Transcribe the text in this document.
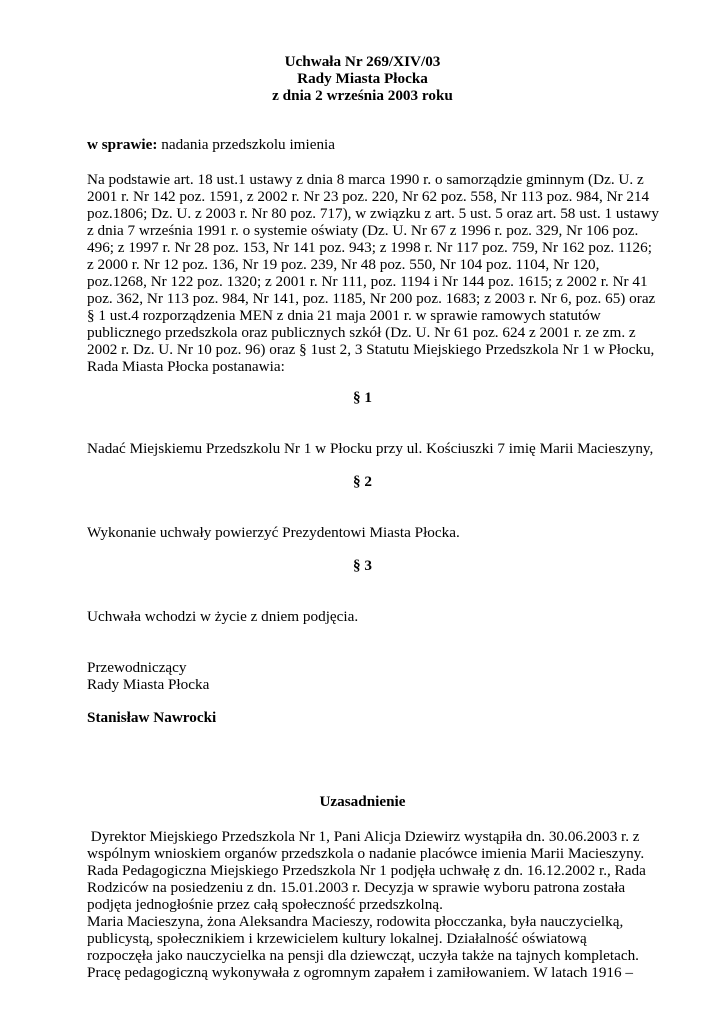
Uchwała Nr 269/XIV/03
Rady Miasta Płocka
z dnia 2 września 2003 roku
w sprawie: nadania przedszkolu imienia
Na podstawie art. 18 ust.1 ustawy z dnia 8 marca 1990 r. o samorządzie gminnym (Dz. U. z
2001 r. Nr 142 poz. 1591, z 2002 r. Nr 23 poz. 220, Nr 62 poz. 558, Nr 113 poz. 984, Nr 214
poz.1806; Dz. U. z 2003 r. Nr 80 poz. 717), w związku z art. 5 ust. 5 oraz art. 58 ust. 1 ustawy
z dnia 7 września 1991 r. o systemie oświaty (Dz. U. Nr 67 z 1996 r. poz. 329, Nr 106 poz.
496; z 1997 r. Nr 28 poz. 153, Nr 141 poz. 943; z 1998 r. Nr 117 poz. 759, Nr 162 poz. 1126;
z 2000 r. Nr 12 poz. 136, Nr 19 poz. 239, Nr 48 poz. 550, Nr 104 poz. 1104, Nr 120,
poz.1268, Nr 122 poz. 1320; z 2001 r. Nr 111, poz. 1194 i Nr 144 poz. 1615; z 2002 r. Nr 41
poz. 362, Nr 113 poz. 984, Nr 141, poz. 1185, Nr 200 poz. 1683; z 2003 r. Nr 6, poz. 65) oraz
§ 1 ust.4 rozporządzenia MEN z dnia 21 maja 2001 r. w sprawie ramowych statutów
publicznego przedszkola oraz publicznych szkół (Dz. U. Nr 61 poz. 624 z 2001 r. ze zm. z
2002 r. Dz. U. Nr 10 poz. 96) oraz § 1ust 2, 3 Statutu Miejskiego Przedszkola Nr 1 w Płocku,
Rada Miasta Płocka postanawia:
§ 1
Nadać Miejskiemu Przedszkolu Nr 1 w Płocku przy ul. Kościuszki 7 imię Marii Macieszyny,
§ 2
Wykonanie uchwały powierzyć Prezydentowi Miasta Płocka.
§ 3
Uchwała wchodzi w życie z dniem podjęcia.
Przewodniczący
Rady Miasta Płocka
Stanisław Nawrocki
Uzasadnienie
Dyrektor Miejskiego Przedszkola Nr 1, Pani Alicja Dziewirz wystąpiła dn. 30.06.2003 r. z
wspólnym wnioskiem organów przedszkola o nadanie placówce imienia Marii Macieszyny.
Rada Pedagogiczna Miejskiego Przedszkola Nr 1 podjęła uchwałę z dn. 16.12.2002 r., Rada
Rodziców na posiedzeniu z dn. 15.01.2003 r. Decyzja w sprawie wyboru patrona została
podjęta jednogłośnie przez całą społeczność przedszkolną.
Maria Macieszyna, żona Aleksandra Macieszy, rodowita płocczanka, była nauczycielką,
publicystą, społecznikiem i krzewicielem kultury lokalnej. Działalność oświatową
rozpoczęła jako nauczycielka na pensji dla dziewcząt, uczyła także na tajnych kompletach.
Pracę pedagogiczną wykonywała z ogromnym zapałem i zamiłowaniem. W latach 1916 –
